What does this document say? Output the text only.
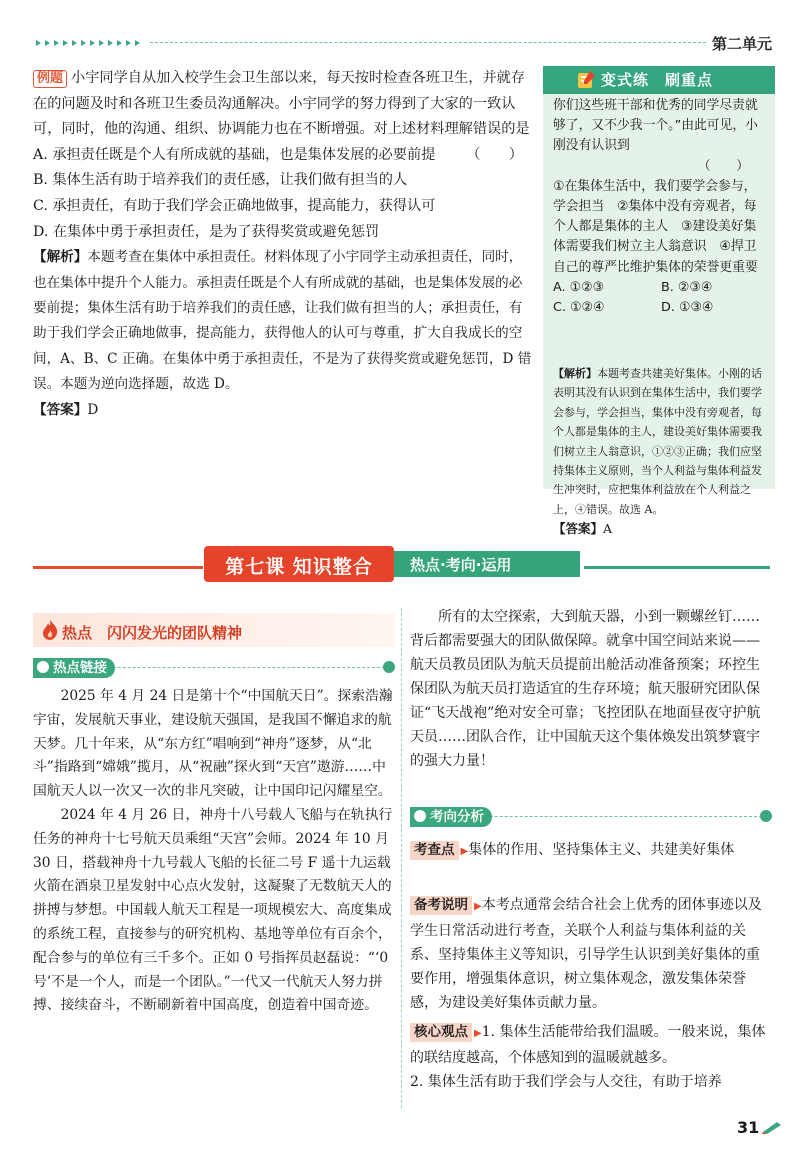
第二单元
例题 小宇同学自从加入校学生会卫生部以来，每天按时检查各班卫生，并就存在的问题及时和各班卫生委员沟通解决。小宇同学的努力得到了大家的一致认可，同时，他的沟通、组织、协调能力也在不断增强。对上述材料理解错误的是
（　　）
A. 承担责任既是个人有所成就的基础，也是集体发展的必要前提
B. 集体生活有助于培养我们的责任感，让我们做有担当的人
C. 承担责任，有助于我们学会正确地做事，提高能力，获得认可
D. 在集体中勇于承担责任，是为了获得奖赏或避免惩罚
【解析】本题考查在集体中承担责任。材料体现了小宇同学主动承担责任，同时，也在集体中提升个人能力。承担责任既是个人有所成就的基础，也是集体发展的必要前提；集体生活有助于培养我们的责任感，让我们做有担当的人；承担责任，有助于我们学会正确地做事，提高能力，获得他人的认可与尊重，扩大自我成长的空间，A、B、C 正确。在集体中勇于承担责任，不是为了获得奖赏或避免惩罚，D 错误。本题为逆向选择题，故选 D。
【答案】D
变式练　刷重点
你们这些班干部和优秀的同学尽责就够了，又不少我一个。”由此可见，小刚没有认识到
（　　）
①在集体生活中，我们要学会参与，学会担当　②集体中没有旁观者，每个人都是集体的主人　③建设美好集体需要我们树立主人翁意识　④捍卫自己的尊严比维护集体的荣誉更重要
A. ①②③	B. ②③④
C. ①②④	D. ①③④
【解析】本题考查共建美好集体。小刚的话表明其没有认识到在集体生活中，我们要学会参与，学会担当，集体中没有旁观者，每个人都是集体的主人，建设美好集体需要我们树立主人翁意识，①②③正确；我们应坚持集体主义原则，当个人利益与集体利益发生冲突时，应把集体利益放在个人利益之上，④错误。故选 A。
【答案】A
第七课 知识整合	热点·考向·运用
热点　闪闪发光的团队精神
热点链接

2025 年 4 月 24 日是第十个“中国航天日”。探索浩瀚宇宙，发展航天事业，建设航天强国，是我国不懈追求的航天梦。几十年来，从“东方红”唱响到“神舟”逐梦，从“北斗”指路到“嫦娥”揽月，从“祝融”探火到“天宫”遨游……中国航天人以一次又一次的非凡突破，让中国印记闪耀星空。

2024 年 4 月 26 日，神舟十八号载人飞船与在轨执行任务的神舟十七号航天员乘组“天宫”会师。2024 年 10 月 30 日，搭载神舟十九号载人飞船的长征二号 F 遥十九运载火箭在酒泉卫星发射中心点火发射，这凝聚了无数航天人的拼搏与梦想。中国载人航天工程是一项规模宏大、高度集成的系统工程，直接参与的研究机构、基地等单位有百余个，配合参与的单位有三千多个。正如 0 号指挥员赵磊说：“‘0 号’不是一个人，而是一个团队。”一代又一代航天人努力拼搏、接续奋斗，不断刷新着中国高度，创造着中国奇迹。

所有的太空探索，大到航天器，小到一颗螺丝钉……背后都需要强大的团队做保障。就拿中国空间站来说——航天员教员团队为航天员提前出舱活动准备预案；环控生保团队为航天员打造适宜的生存环境；航天服研究团队保证“飞天战袍”绝对安全可靠；飞控团队在地面昼夜守护航天员……团队合作，让中国航天这个集体焕发出筑梦寰宇的强大力量！

考向分析
考查点 ▶集体的作用、坚持集体主义、共建美好集体
备考说明 ▶本考点通常会结合社会上优秀的团体事迹以及学生日常活动进行考查，关联个人利益与集体利益的关系、坚持集体主义等知识，引导学生认识到美好集体的重要作用，增强集体意识，树立集体观念，激发集体荣誉感，为建设美好集体贡献力量。
核心观点 ▶1. 集体生活能带给我们温暖。一般来说，集体的联结度越高，个体感知到的温暖就越多。
2. 集体生活有助于我们学会与人交往，有助于培养
31
